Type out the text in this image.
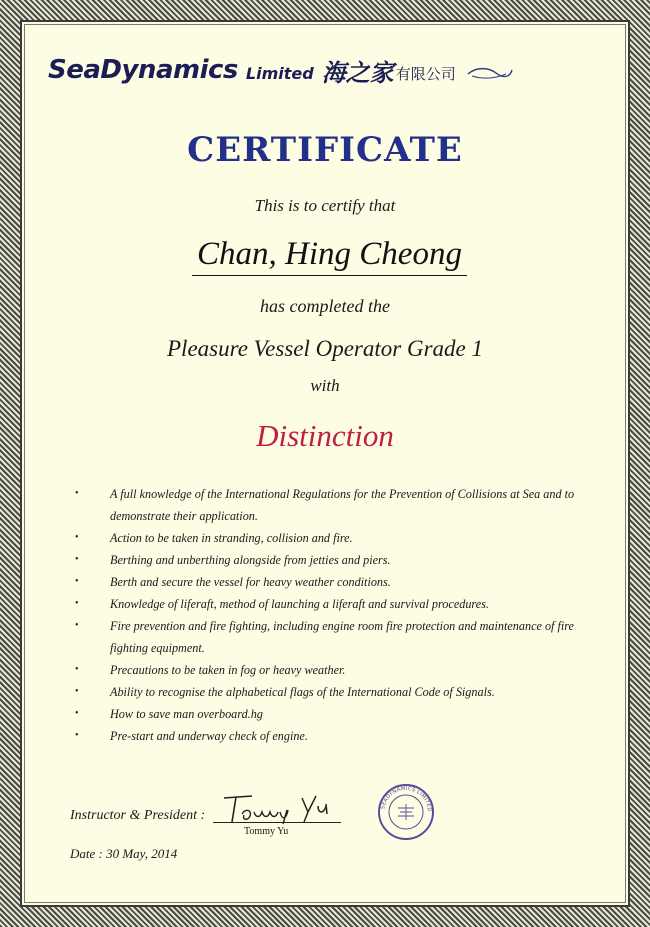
SeaDynamics Limited 海之家 有限公司
CERTIFICATE
This is to certify that
Chan, Hing Cheong
has completed the
Pleasure Vessel Operator Grade 1
with
Distinction
•	A full knowledge of the International Regulations for the Prevention of Collisions at Sea and to demonstrate their application.
•	Action to be taken in stranding, collision and fire.
•	Berthing and unberthing alongside from jetties and piers.
•	Berth and secure the vessel for heavy weather conditions.
•	Knowledge of liferaft, method of launching a liferaft and survival procedures.
•	Fire prevention and fire fighting, including engine room fire protection and maintenance of fire fighting equipment.
•	Precautions to be taken in fog or heavy weather.
•	Ability to recognise the alphabetical flags of the International Code of Signals.
•	How to save man overboard.hg
•	Pre-start and underway check of engine.
Instructor & President :
Tommy Yu
Date : 30 May, 2014
SEADYNAMICS LIMITED
